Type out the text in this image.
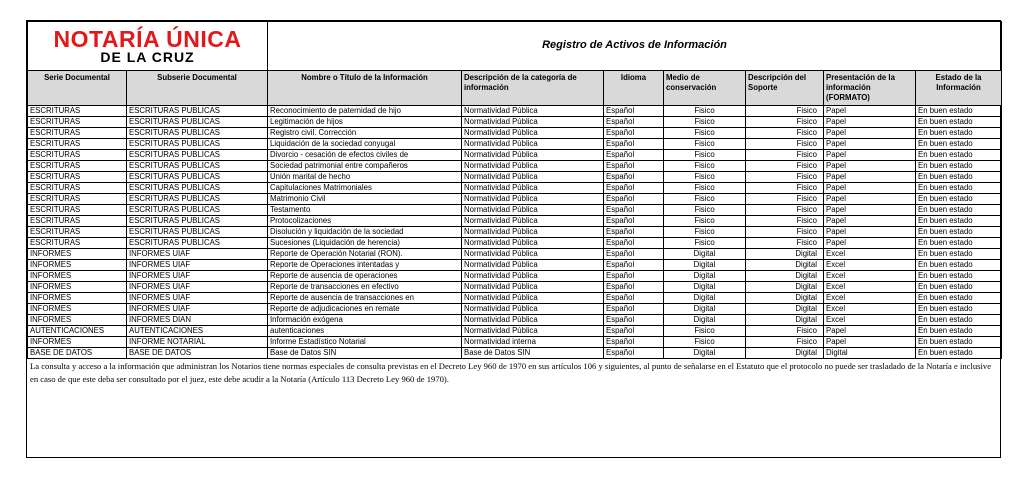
NOTARÍA ÚNICA
DE LA CRUZ		Registro de Activos de Información						
Serie Documental	Subserie Documental	Nombre o Título de la Información	Descripción de la categoría de información	Idioma	Medio de conservación	Descripción del Soporte	Presentación de la información (FORMATO)	Estado de la Información
ESCRITURAS	ESCRITURAS PUBLICAS	Reconocimiento de paternidad de hijo	Normatividad Pública	Español	Fisico	Fisico	Papel	En buen estado
ESCRITURAS	ESCRITURAS PUBLICAS	Legitimación de hijos	Normatividad Pública	Español	Fisico	Fisico	Papel	En buen estado
ESCRITURAS	ESCRITURAS PUBLICAS	Registro civil. Corrección	Normatividad Pública	Español	Fisico	Fisico	Papel	En buen estado
ESCRITURAS	ESCRITURAS PUBLICAS	Liquidación de la sociedad conyugal	Normatividad Pública	Español	Fisico	Fisico	Papel	En buen estado
ESCRITURAS	ESCRITURAS PUBLICAS	Divorcio - cesación de efectos civiles de	Normatividad Pública	Español	Fisico	Fisico	Papel	En buen estado
ESCRITURAS	ESCRITURAS PUBLICAS	Sociedad patrimonial entre compañeros	Normatividad Pública	Español	Fisico	Fisico	Papel	En buen estado
ESCRITURAS	ESCRITURAS PUBLICAS	Unión marital de hecho	Normatividad Pública	Español	Fisico	Fisico	Papel	En buen estado
ESCRITURAS	ESCRITURAS PUBLICAS	Capitulaciones Matrimoniales	Normatividad Pública	Español	Fisico	Fisico	Papel	En buen estado
ESCRITURAS	ESCRITURAS PUBLICAS	Matrimonio Civil	Normatividad Pública	Español	Fisico	Fisico	Papel	En buen estado
ESCRITURAS	ESCRITURAS PUBLICAS	Testamento	Normatividad Pública	Español	Fisico	Fisico	Papel	En buen estado
ESCRITURAS	ESCRITURAS PUBLICAS	Protocolizaciones	Normatividad Pública	Español	Fisico	Fisico	Papel	En buen estado
ESCRITURAS	ESCRITURAS PUBLICAS	Disolución y liquidación de la sociedad	Normatividad Pública	Español	Fisico	Fisico	Papel	En buen estado
ESCRITURAS	ESCRITURAS PUBLICAS	Sucesiones (Liquidación de herencia)	Normatividad Pública	Español	Fisico	Fisico	Papel	En buen estado
INFORMES	INFORMES UIAF	Reporte de Operación Notarial (RON).	Normatividad Pública	Español	Digital	Digital	Excel	En buen estado
INFORMES	INFORMES UIAF	Reporte de Operaciones intentadas y	Normatividad Pública	Español	Digital	Digital	Excel	En buen estado
INFORMES	INFORMES UIAF	Reporte de ausencia de operaciones	Normatividad Pública	Español	Digital	Digital	Excel	En buen estado
INFORMES	INFORMES UIAF	Reporte de transacciones en efectivo	Normatividad Pública	Español	Digital	Digital	Excel	En buen estado
INFORMES	INFORMES UIAF	Reporte de ausencia de transacciones en	Normatividad Pública	Español	Digital	Digital	Excel	En buen estado
INFORMES	INFORMES UIAF	Reporte de adjudicaciones en remate	Normatividad Pública	Español	Digital	Digital	Excel	En buen estado
INFORMES	INFORMES DIAN	Información exógena	Normatividad Pública	Español	Digital	Digital	Excel	En buen estado
AUTENTICACIONES	AUTENTICACIONES	autenticaciones	Normatividad Pública	Español	Fisico	Fisico	Papel	En buen estado
INFORMES	INFORME NOTARIAL	Informe Estadístico Notarial	Normatividad interna	Español	Fisico	Fisico	Papel	En buen estado
BASE DE DATOS	BASE DE DATOS	Base de Datos SIN	Base de Datos SIN	Español	Digital	Digital	Digital	En buen estado
La consulta y acceso a la información que administran los Notarios tiene normas especiales de consulta previstas en el Decreto Ley 960 de 1970 en sus artículos 106 y siguientes, al punto de señalarse en el Estatuto que el protocolo no puede ser trasladado de la Notaría e inclusive en caso de que este deba ser consultado por el juez, este debe acudir a la Notaría (Artículo 113 Decreto Ley 960 de 1970).
